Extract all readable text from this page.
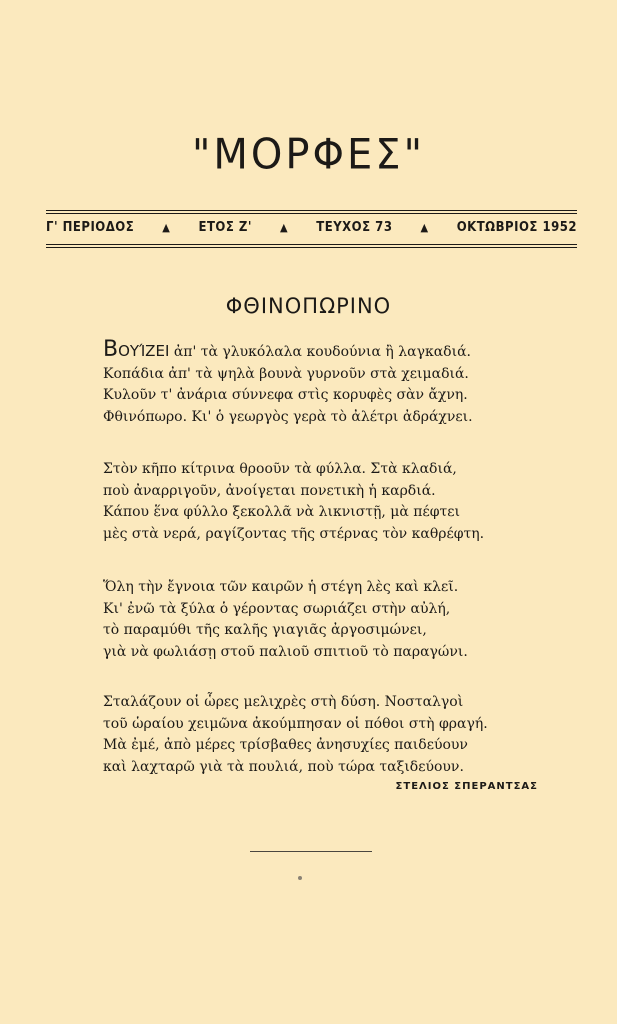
"ΜΟΡΦΕΣ"
Γ' ΠΕΡΙΟΔΟΣ	▲ ΕΤΟΣ Ζ'	▲ ΤΕΥΧΟΣ 73	▲ ΟΚΤΩΒΡΙΟΣ 1952
ΦΘΙΝΟΠΩΡΙΝΟ
ΒΟΥΊΖΕΙ ἀπ' τὰ γλυκόλαλα κουδούνια ἢ λαγκαδιά.
Κοπάδια ἀπ' τὰ ψηλὰ βουνὰ γυρνοῦν στὰ χειμαδιά.
Κυλοῦν τ' ἀνάρια σύννεφα στὶς κορυφὲς σὰν ἄχνη.
Φθινόπωρο. Κι' ὁ γεωργὸς γερὰ τὸ ἀλέτρι ἀδράχνει.
Στὸν κῆπο κίτρινα θροοῦν τὰ φύλλα. Στὰ κλαδιά,
ποὺ ἀναρριγοῦν, ἀνοίγεται πονετικὴ ἡ καρδιά.
Κάπου ἕνα φύλλο ξεκολλᾶ νὰ λικνιστῇ, μὰ πέφτει
μὲς στὰ νερά, ραγίζοντας τῆς στέρνας τὸν καθρέφτη.
Ὅλη τὴν ἔγνοια τῶν καιρῶν ἡ στέγη λὲς καὶ κλεῖ.
Κι' ἐνῶ τὰ ξύλα ὁ γέροντας σωριάζει στὴν αὐλή,
τὸ παραμύθι τῆς καλῆς γιαγιᾶς ἀργοσιμώνει,
γιὰ νὰ φωλιάσῃ στοῦ παλιοῦ σπιτιοῦ τὸ παραγώνι.
Σταλάζουν οἱ ὧρες μελιχρὲς στὴ δύση. Νοσταλγοὶ
τοῦ ὡραίου χειμῶνα ἀκούμπησαν οἱ πόθοι στὴ φραγή.
Μὰ ἐμέ, ἀπὸ μέρες τρίσβαθες ἀνησυχίες παιδεύουν
καὶ λαχταρῶ γιὰ τὰ πουλιά, ποὺ τώρα ταξιδεύουν.
ΣΤΕΛΙΟΣ ΣΠΕΡΑΝΤΣΑΣ
